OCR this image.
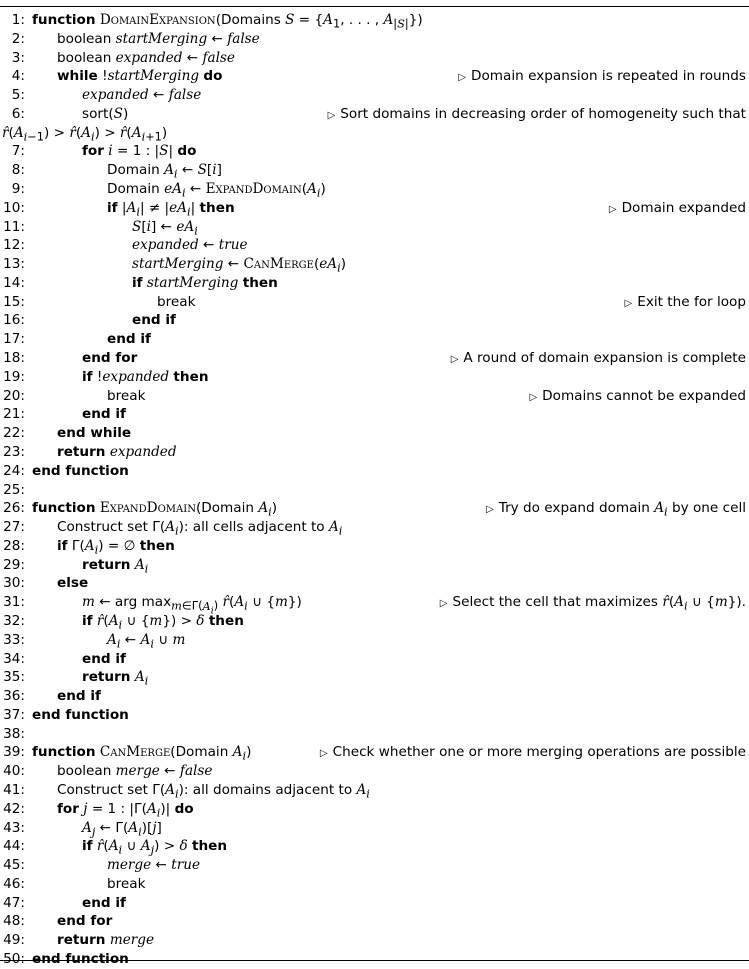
1: function DomainExpansion(Domains $S = \{A_1$, . . . , $A_{|S|}$})
2: boolean startMerging ← false
3: boolean expanded ← false
4: while !startMerging do	▷ Domain expansion is repeated in rounds
5:	expanded ← false
6:	sort(S)	▷ Sort domains in decreasing order of homogeneity such that
$r̂(A_{i-1})$ > $r̂(A_i)$ > $r̂(A_{i+1})$
7:	for i = 1 : |S| do
8:	Domain $A_i$ ← S[i]
9:	Domain $eA_i$ ← $ExpandDomain(A_i)$
10:	if $|A_i| \ne |eA_i|$ then	▷ Domain expanded
11:	S[i] ← $eA_i$
12:	expanded ← true
13:	startMerging ← $CanMerge(eA_i)$
14:	if startMerging then
15:	break	▷ Exit the for loop
16:	end if
17:	end if
18:	end for	▷ A round of domain expansion is complete
19:	if !expanded then
20:	break	▷ Domains cannot be expanded
21:	end if
22: end while
23: return expanded
24: end function
25:
26: function ExpandDomain(Domain $A_i$)	▷ Try do expand domain $A_i$ by one cell
27: Construct set $\Gamma(A_i)$: all cells adjacent to $A_i$
28: if $\Gamma(A_i)$ = ∅ then
29:	return $A_i$
30: else
31:	m ← arg $\max_{m\in\Gamma(A_i)}$ $r̂(A_i$ ∪ {m})	▷ Select the cell that maximizes $r̂(A_i$ ∪ {m}).
32:	if $r̂(A_i$ ∪ {m}) > δ then
33:	$A_i$ ← $A_i$ ∪ m
34:	end if
35:	return $A_i$
36: end if
37: end function
38:
39: function CanMerge(Domain $A_i$)	▷ Check whether one or more merging operations are possible
40: boolean merge ← false
41: Construct set $\Gamma(A_i)$: all domains adjacent to $A_i$
42: for j = 1 : $|\Gamma(A_i)|$ do
43:	$A_j$ ← $\Gamma(A_i)[j]$
44:	if $r̂(A_i$ ∪ $A_j) > \delta$ then
45:	merge ← true
46:	break
47:	end if
48: end for
49: return merge
50: end function
